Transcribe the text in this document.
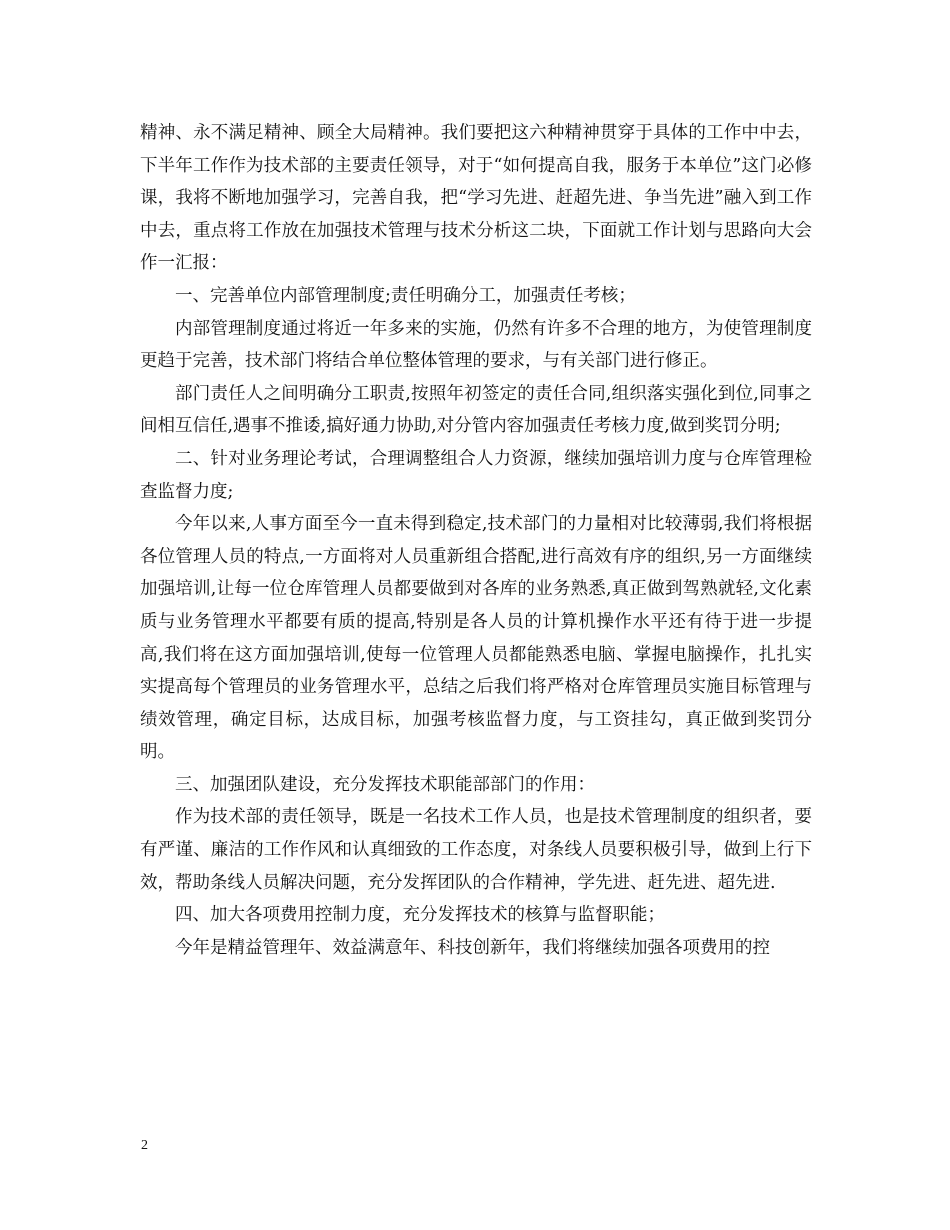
精神、永不满足精神、顾全大局精神。我们要把这六种精神贯穿于具体的工作中中去，下半年工作作为技术部的主要责任领导，对于“如何提高自我，服务于本单位”这门必修课，我将不断地加强学习，完善自我，把“学习先进、赶超先进、争当先进”融入到工作中去，重点将工作放在加强技术管理与技术分析这二块，下面就工作计划与思路向大会作一汇报：

一、完善单位内部管理制度;责任明确分工，加强责任考核；

内部管理制度通过将近一年多来的实施，仍然有许多不合理的地方，为使管理制度更趋于完善，技术部门将结合单位整体管理的要求，与有关部门进行修正。

部门责任人之间明确分工职责,按照年初签定的责任合同,组织落实强化到位,同事之间相互信任,遇事不推诿,搞好通力协助,对分管内容加强责任考核力度,做到奖罚分明;

二、针对业务理论考试，合理调整组合人力资源，继续加强培训力度与仓库管理检查监督力度;

今年以来,人事方面至今一直未得到稳定,技术部门的力量相对比较薄弱,我们将根据各位管理人员的特点,一方面将对人员重新组合搭配,进行高效有序的组织,另一方面继续加强培训,让每一位仓库管理人员都要做到对各库的业务熟悉,真正做到驾熟就轻,文化素质与业务管理水平都要有质的提高,特别是各人员的计算机操作水平还有待于进一步提高,我们将在这方面加强培训,使每一位管理人员都能熟悉电脑、掌握电脑操作，扎扎实实提高每个管理员的业务管理水平，总结之后我们将严格对仓库管理员实施目标管理与绩效管理，确定目标，达成目标，加强考核监督力度，与工资挂勾，真正做到奖罚分明。

三、加强团队建设，充分发挥技术职能部部门的作用：

作为技术部的责任领导，既是一名技术工作人员，也是技术管理制度的组织者，要有严谨、廉洁的工作作风和认真细致的工作态度，对条线人员要积极引导，做到上行下效，帮助条线人员解决问题，充分发挥团队的合作精神，学先进、赶先进、超先进.

四、加大各项费用控制力度，充分发挥技术的核算与监督职能；

今年是精益管理年、效益满意年、科技创新年，我们将继续加强各项费用的控

2
